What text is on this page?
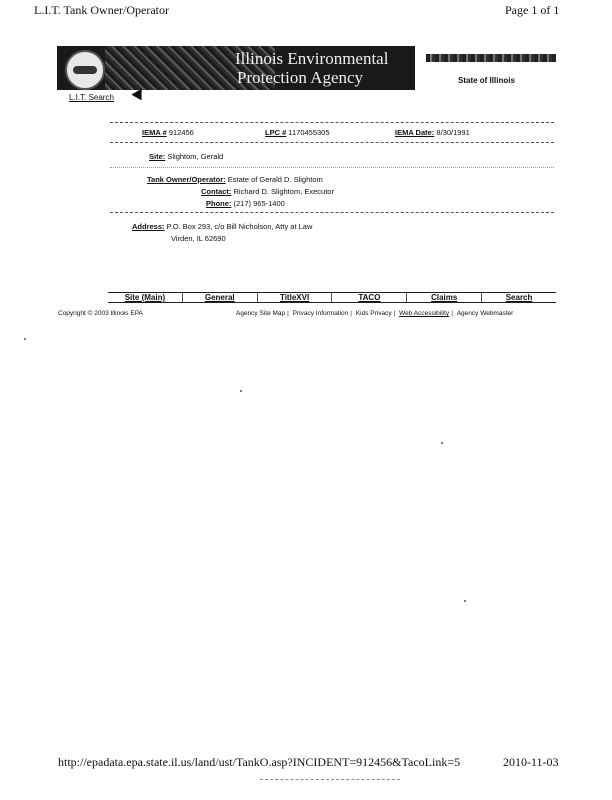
L.I.T. Tank Owner/Operator	Page 1 of 1
Illinois Environmental
Protection Agency	State of Illinois
L.I.T. Search
IEMA # 912456	LPC # 1170455305	IEMA Date: 8/30/1991
Site: Slightom, Gerald
Tank Owner/Operator: Estate of Gerald D. Slightom
Contact: Richard D. Slightom, Executor
Phone: (217) 965-1400
Address: P.O. Box 293, c/o Bill Nicholson, Atty at Law
Virden, IL 62690
Site (Main)	General	TitleXVI	TACO	Claims	Search
Copyright © 2003 Illinois EPA	Agency Site Map | Privacy Information | Kids Privacy | Web Accessibility | Agency Webmaster
http://epadata.epa.state.il.us/land/ust/TankO.asp?INCIDENT=912456&TacoLink=5	2010-11-03
